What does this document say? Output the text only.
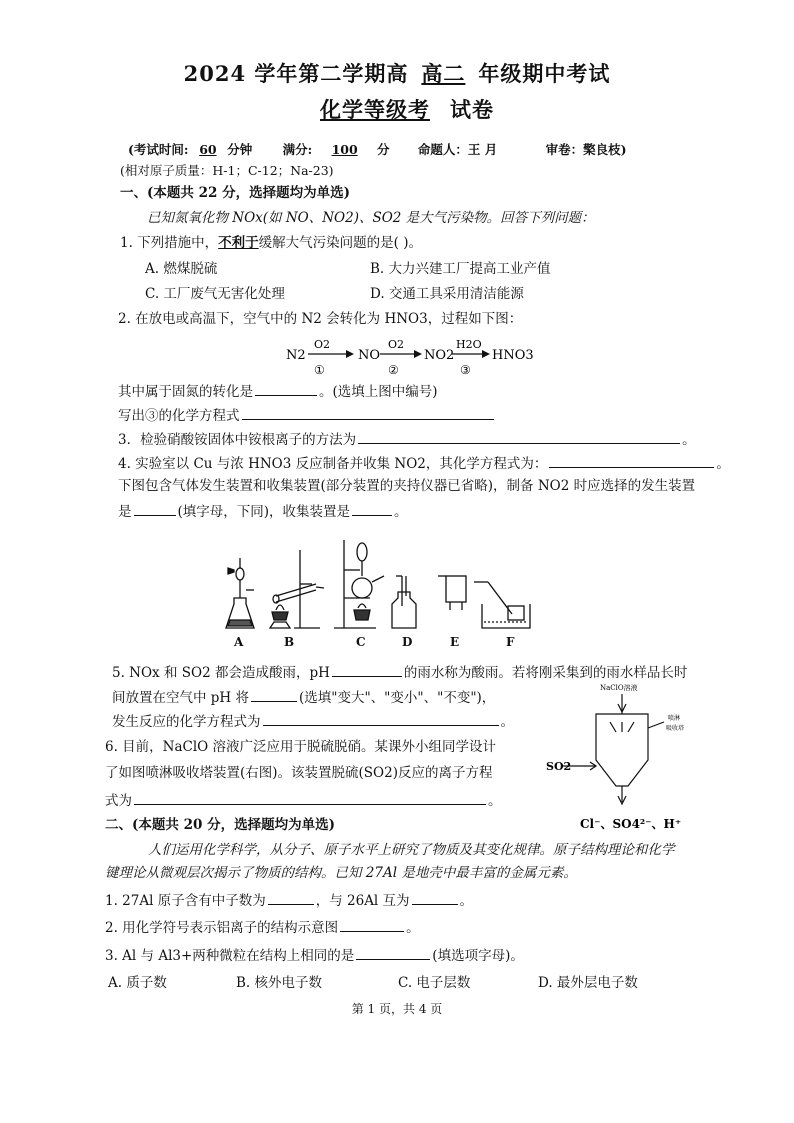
2024 学年第二学期高 高二 年级期中考试
化学等级考 试卷
(考试时间: 60 分钟 满分: 100 分 命题人：王 月	审卷：檠良枝)
(相对原子质量：H-1；C-12；Na-23)
一、(本题共 22 分，选择题均为单选)
已知氮氧化物 NOx(如 NO、NO2)、SO2 是大气污染物。回答下列问题：
1. 下列措施中，不利于缓解大气污染问题的是( )。
A. 燃煤脱硫	B. 大力兴建工厂提高工业产值
C. 工厂废气无害化处理	D. 交通工具采用清洁能源
2. 在放电或高温下，空气中的 N2 会转化为 HNO3，过程如下图：
N2
O2
①
NO
O2
②
NO2
H2O
③
HNO3
其中属于固氮的转化是	。(选填上图中编号)
写出③的化学方程式
3．检验硝酸铵固体中铵根离子的方法为	。
4. 实验室以 Cu 与浓 HNO3 反应制备并收集 NO2，其化学方程式为：	。
下图包含气体发生装置和收集装置(部分装置的夹持仪器已省略)，制备 NO2 时应选择的发生装置
是	(填字母，下同)，收集装置是	。
A	B	C	D	E	F
5. NOx 和 SO2 都会造成酸雨，pH	的雨水称为酸雨。若将刚采集到的雨水样品长时
间放置在空气中 pH 将	(选填"变大"、"变小"、"不变")，
发生反应的化学方程式为	。
6. 目前，NaClO 溶液广泛应用于脱硫脱硝。某课外小组同学设计
了如图喷淋吸收塔装置(右图)。该装置脱硫(SO2)反应的离子方程
式为	。
NaClO溶液
喷淋
吸收塔
SO2
Cl⁻、SO4²⁻、H⁺
二、(本题共 20 分，选择题均为单选)
人们运用化学科学，从分子、原子水平上研究了物质及其变化规律。原子结构理论和化学
键理论从微观层次揭示了物质的结构。已知 27Al 是地壳中最丰富的金属元素。
1. 27Al 原子含有中子数为	，与 26Al 互为	。
2. 用化学符号表示铝离子的结构示意图	。
3. Al 与 Al3+两种微粒在结构上相同的是	(填选项字母)。
A. 质子数	B. 核外电子数	C. 电子层数	D. 最外层电子数
第 1 页，共 4 页
